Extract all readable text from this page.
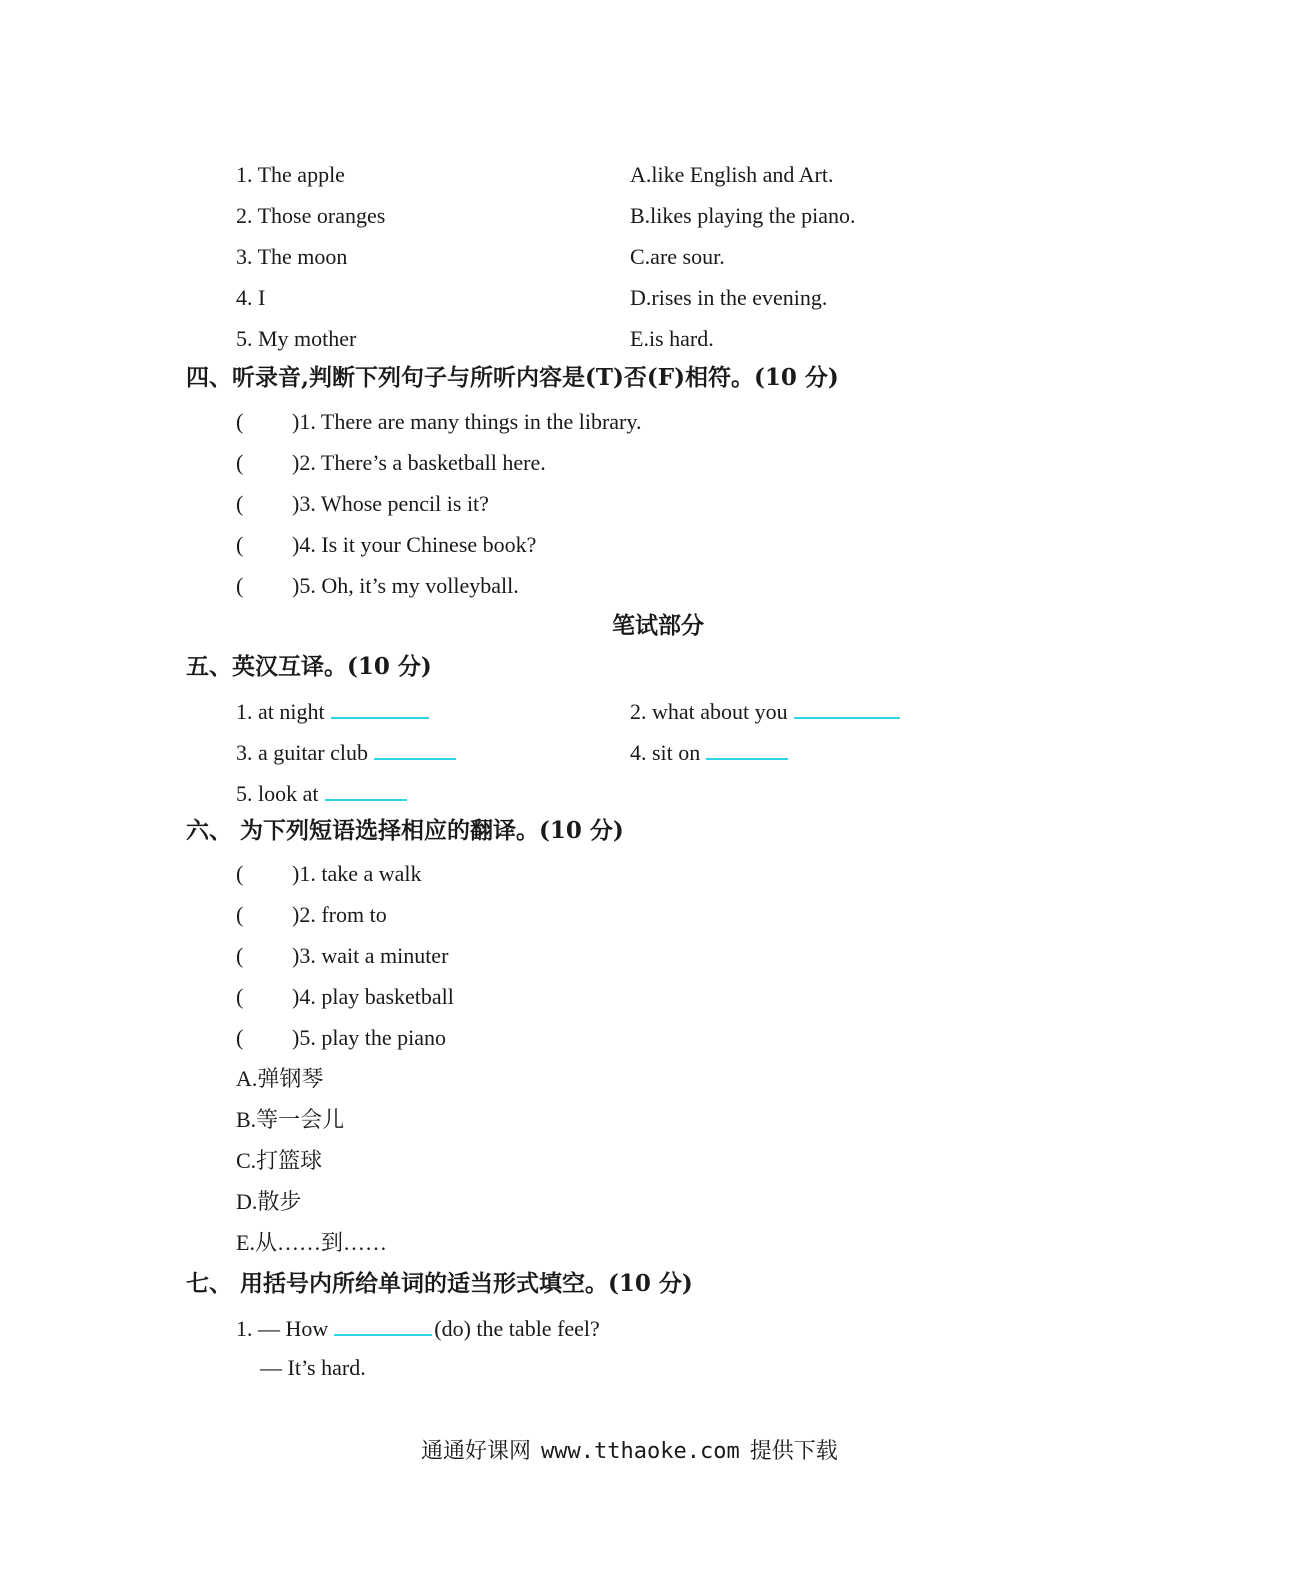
1. The apple	A.like English and Art.
2. Those oranges	B.likes playing the piano.
3. The moon	C.are sour.
4. I	D.rises in the evening.
5. My mother	E.is hard.
四、听录音,判断下列句子与所听内容是(T)否(F)相符。(10 分)
( )1. There are many things in the library.
( )2. There’s a basketball here.
( )3. Whose pencil is it?
( )4. Is it your Chinese book?
( )5. Oh, it’s my volleyball.
笔试部分
五、英汉互译。(10 分)
1. at night	2. what about you
3. a guitar club	4. sit on
5. look at
六、 为下列短语选择相应的翻译。(10 分)
( )1. take a walk
( )2. from to
( )3. wait a minuter
( )4. play basketball
( )5. play the piano
A.弹钢琴
B.等一会儿
C.打篮球
D.散步
E.从……到……
七、 用括号内所给单词的适当形式填空。(10 分)
1. — How	(do) the table feel?
— It’s hard.
通通好课网 www.tthaoke.com 提供下载
